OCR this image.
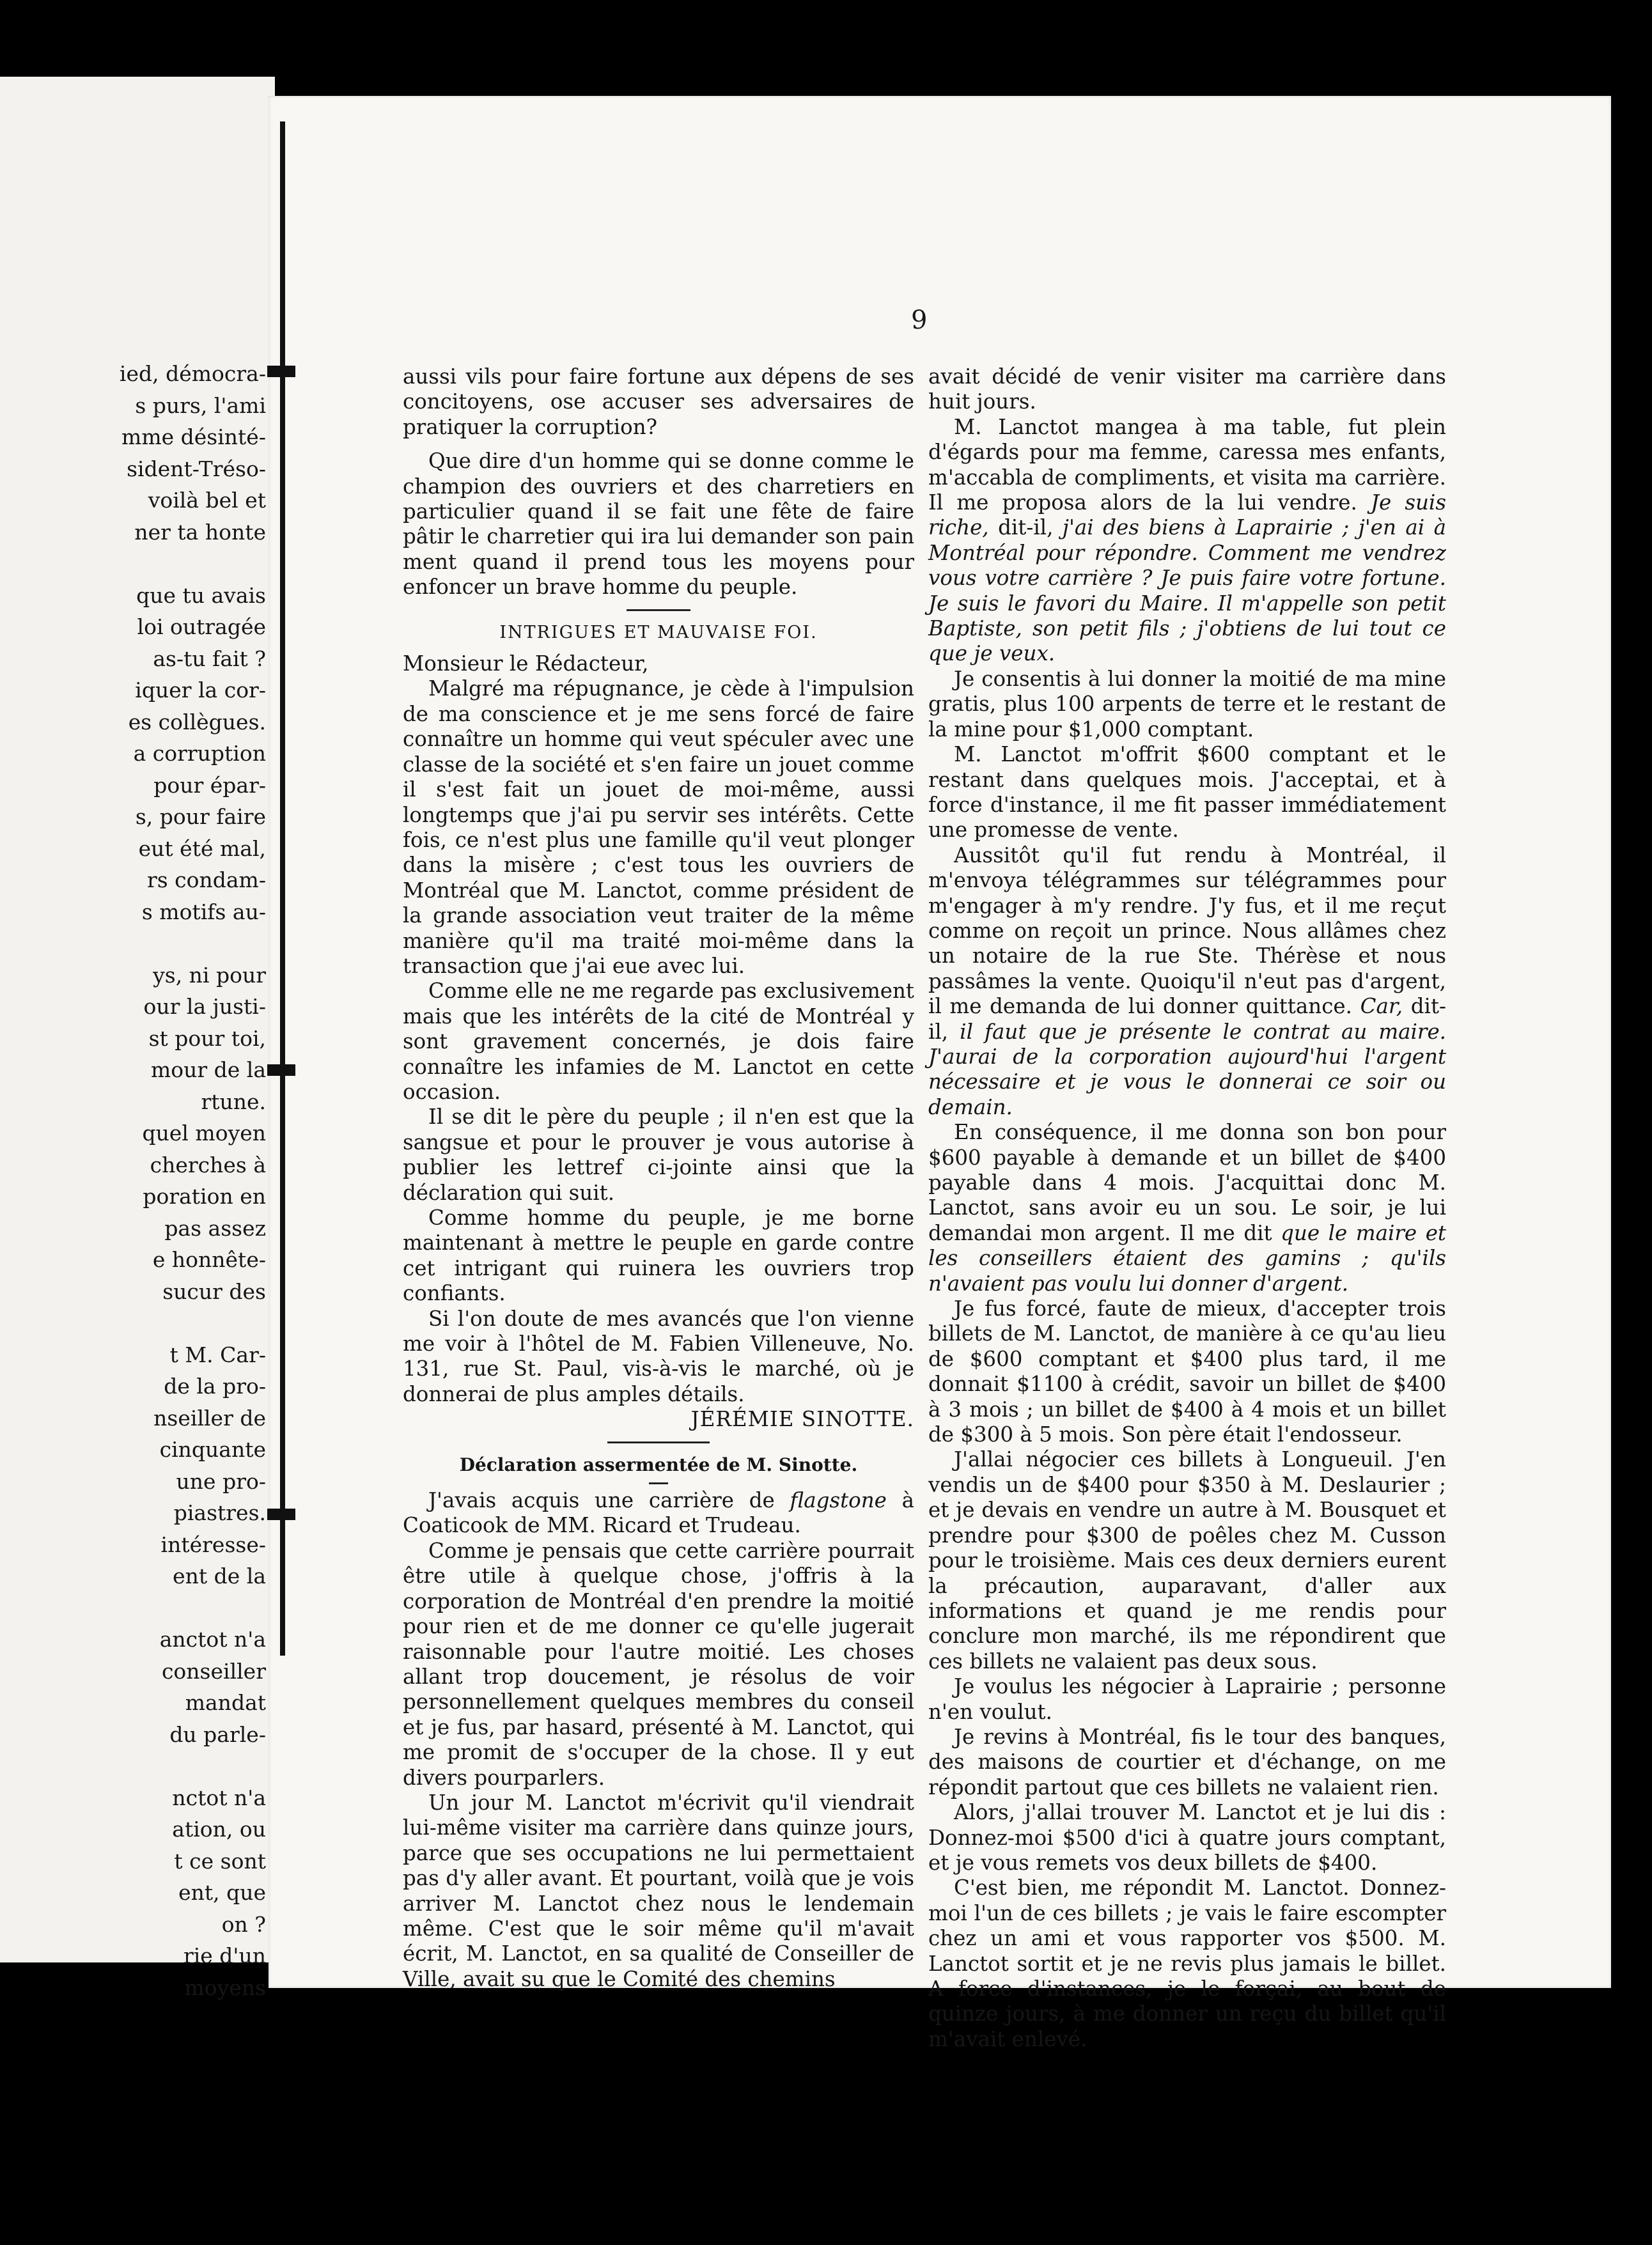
ied, démocra-
s purs, l'ami
mme désinté-
sident-Tréso-
voilà bel et
ner ta honte
que tu avais
loi outragée
as-tu fait ?
iquer la cor-
es collègues.
a corruption
pour épar-
s, pour faire
eut été mal,
rs condam-
s motifs au-
ys, ni pour
our la justi-
st pour toi,
mour de la
rtune.
quel moyen
cherches à
poration en
pas assez
e honnête-
sucur des
t M. Car-
de la pro-
nseiller de
cinquante
une pro-
piastres.
intéresse-
ent de la
anctot n'a
conseiller
mandat
du parle-
nctot n'a
ation, ou
t ce sont
ent, que
on ?
rie d'un
moyens
9

aussi vils pour faire fortune aux dépens de ses concitoyens, ose accuser ses adversaires de pratiquer la corruption?

Que dire d'un homme qui se donne comme le champion des ouvriers et des charretiers en particulier quand il se fait une fête de faire pâtir le charretier qui ira lui demander son pain ment quand il prend tous les moyens pour enfoncer un brave homme du peuple.

INTRIGUES ET MAUVAISE FOI.

Monsieur le Rédacteur,

Malgré ma répugnance, je cède à l'impulsion de ma conscience et je me sens forcé de faire connaître un homme qui veut spéculer avec une classe de la société et s'en faire un jouet comme il s'est fait un jouet de moi-même, aussi longtemps que j'ai pu servir ses intérêts. Cette fois, ce n'est plus une famille qu'il veut plonger dans la misère ; c'est tous les ouvriers de Montréal que M. Lanctot, comme président de la grande association veut traiter de la même manière qu'il ma traité moi-même dans la transaction que j'ai eue avec lui.

Comme elle ne me regarde pas exclusivement mais que les intérêts de la cité de Montréal y sont gravement concernés, je dois faire connaître les infamies de M. Lanctot en cette occasion.

Il se dit le père du peuple ; il n'en est que la sangsue et pour le prouver je vous autorise à publier les lettref ci-jointe ainsi que la déclaration qui suit.

Comme homme du peuple, je me borne maintenant à mettre le peuple en garde contre cet intrigant qui ruinera les ouvriers trop confiants.

Si l'on doute de mes avancés que l'on vienne me voir à l'hôtel de M. Fabien Villeneuve, No. 131, rue St. Paul, vis-à-vis le marché, où je donnerai de plus amples détails.

JÉRÉMIE SINOTTE.

Déclaration assermentée de M. Sinotte.

J'avais acquis une carrière de flagstone à Coaticook de MM. Ricard et Trudeau.

Comme je pensais que cette carrière pourrait être utile à quelque chose, j'offris à la corporation de Montréal d'en prendre la moitié pour rien et de me donner ce qu'elle jugerait raisonnable pour l'autre moitié. Les choses allant trop doucement, je résolus de voir personnellement quelques membres du conseil et je fus, par hasard, présenté à M. Lanctot, qui me promit de s'occuper de la chose. Il y eut divers pourparlers.

Un jour M. Lanctot m'écrivit qu'il viendrait lui-même visiter ma carrière dans quinze jours, parce que ses occupations ne lui permettaient pas d'y aller avant. Et pourtant, voilà que je vois arriver M. Lanctot chez nous le lendemain même. C'est que le soir même qu'il m'avait écrit, M. Lanctot, en sa qualité de Conseiller de Ville, avait su que le Comité des chemins

avait décidé de venir visiter ma carrière dans huit jours.

M. Lanctot mangea à ma table, fut plein d'égards pour ma femme, caressa mes enfants, m'accabla de compliments, et visita ma carrière. Il me proposa alors de la lui vendre. Je suis riche, dit-il, j'ai des biens à Laprairie ; j'en ai à Montréal pour répondre. Comment me vendrez vous votre carrière ? Je puis faire votre fortune. Je suis le favori du Maire. Il m'appelle son petit Baptiste, son petit fils ; j'obtiens de lui tout ce que je veux.

Je consentis à lui donner la moitié de ma mine gratis, plus 100 arpents de terre et le restant de la mine pour $1,000 comptant.

M. Lanctot m'offrit $600 comptant et le restant dans quelques mois. J'acceptai, et à force d'instance, il me fit passer immédiatement une promesse de vente.

Aussitôt qu'il fut rendu à Montréal, il m'envoya télégrammes sur télégrammes pour m'engager à m'y rendre. J'y fus, et il me reçut comme on reçoit un prince. Nous allâmes chez un notaire de la rue Ste. Thérèse et nous passâmes la vente. Quoiqu'il n'eut pas d'argent, il me demanda de lui donner quittance. Car, dit-il, il faut que je présente le contrat au maire. J'aurai de la corporation aujourd'hui l'argent nécessaire et je vous le donnerai ce soir ou demain.

En conséquence, il me donna son bon pour $600 payable à demande et un billet de $400 payable dans 4 mois. J'acquittai donc M. Lanctot, sans avoir eu un sou. Le soir, je lui demandai mon argent. Il me dit que le maire et les conseillers étaient des gamins ; qu'ils n'avaient pas voulu lui donner d'argent.

Je fus forcé, faute de mieux, d'accepter trois billets de M. Lanctot, de manière à ce qu'au lieu de $600 comptant et $400 plus tard, il me donnait $1100 à crédit, savoir un billet de $400 à 3 mois ; un billet de $400 à 4 mois et un billet de $300 à 5 mois. Son père était l'endosseur.

J'allai négocier ces billets à Longueuil. J'en vendis un de $400 pour $350 à M. Deslaurier ; et je devais en vendre un autre à M. Bousquet et prendre pour $300 de poêles chez M. Cusson pour le troisième. Mais ces deux derniers eurent la précaution, auparavant, d'aller aux informations et quand je me rendis pour conclure mon marché, ils me répondirent que ces billets ne valaient pas deux sous.

Je voulus les négocier à Laprairie ; personne n'en voulut.

Je revins à Montréal, fis le tour des banques, des maisons de courtier et d'échange, on me répondit partout que ces billets ne valaient rien.

Alors, j'allai trouver M. Lanctot et je lui dis : Donnez-moi $500 d'ici à quatre jours comptant, et je vous remets vos deux billets de $400.

C'est bien, me répondit M. Lanctot. Donnez-moi l'un de ces billets ; je vais le faire escompter chez un ami et vous rapporter vos $500. M. Lanctot sortit et je ne revis plus jamais le billet. A force d'instances, je le forçai, au bout de quinze jours, à me donner un reçu du billet qu'il m'avait enlevé.
